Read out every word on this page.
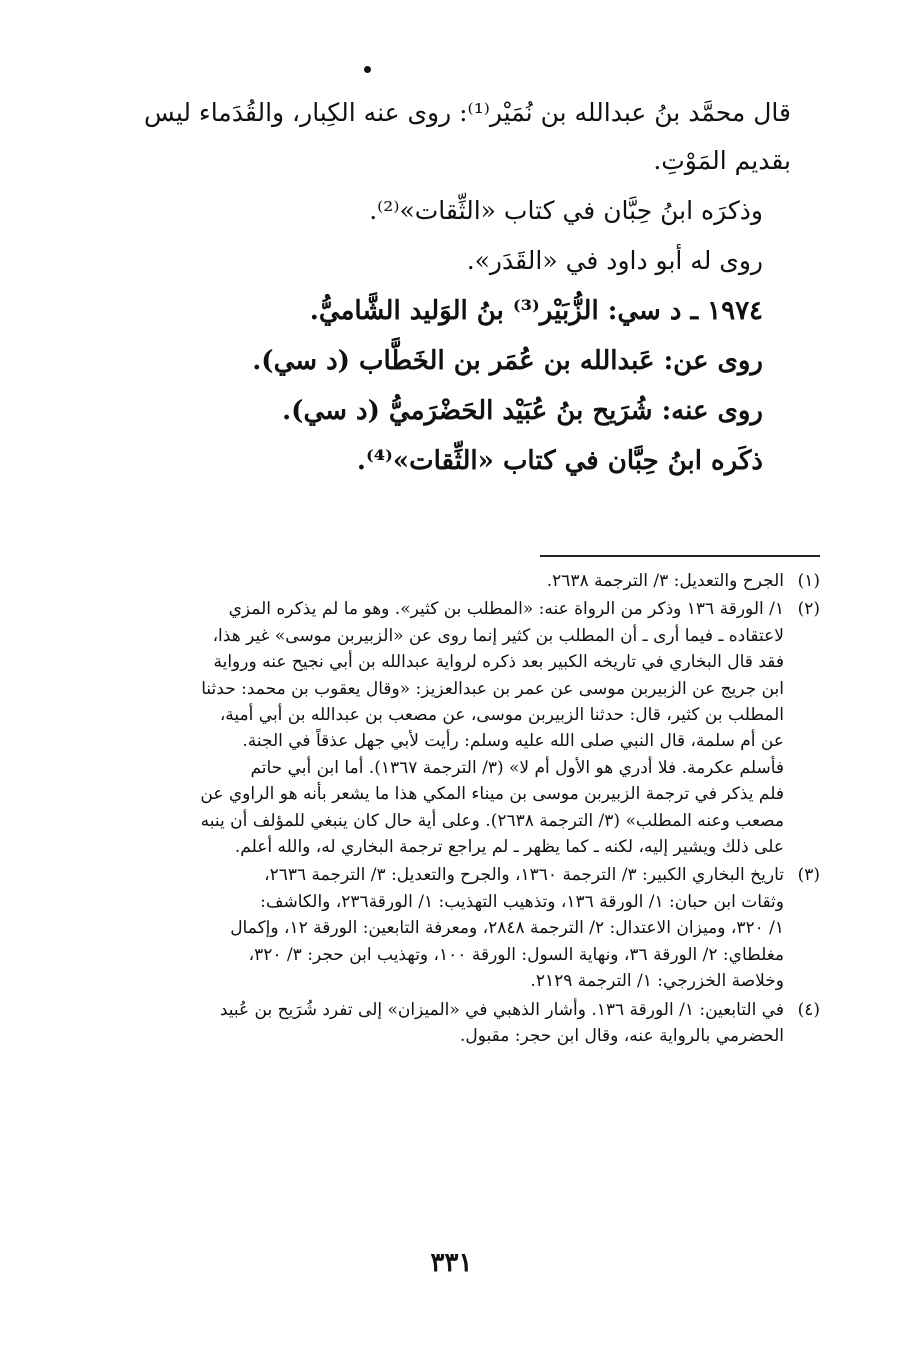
قال محمَّد بنُ عبدالله بن نُمَيْر⁽¹⁾: روى عنه الكِبار، والقُدَماء ليس
بقديم المَوْتِ.
وذكرَه ابنُ حِبَّان في كتاب «الثِّقات»⁽²⁾.
روى له أبو داود في «القَدَر».
١٩٧٤ ـ د سي: الزُّبَيْر⁽³⁾ بنُ الوَليد الشَّاميُّ.
روى عن: عَبدالله بن عُمَر بن الخَطَّاب (د سي).
روى عنه: شُرَيح بنُ عُبَيْد الحَضْرَميُّ (د سي).
ذكَره ابنُ حِبَّان في كتاب «الثِّقات»⁽⁴⁾.
(١)
الجرح والتعديل: ٣/ الترجمة ٢٦٣٨.
(٢)
١/ الورقة ١٣٦ وذكر من الرواة عنه: «المطلب بن كثير». وهو ما لم يذكره المزي
لاعتقاده ـ فيما أرى ـ أن المطلب بن كثير إنما روى عن «الزبيربن موسى» غير هذا،
فقد قال البخاري في تاريخه الكبير بعد ذكره لرواية عبدالله بن أبي نجيح عنه ورواية
ابن جريج عن الزبيربن موسى عن عمر بن عبدالعزيز: «وقال يعقوب بن محمد: حدثنا
المطلب بن كثير، قال: حدثنا الزبيربن موسى، عن مصعب بن عبدالله بن أبي أمية،
عن أم سلمة، قال النبي صلى الله عليه وسلم: رأيت لأبي جهل عذقاً في الجنة.
فأسلم عكرمة. فلا أدري هو الأول أم لا» (٣/ الترجمة ١٣٦٧). أما ابن أبي حاتم
فلم يذكر في ترجمة الزبيربن موسى بن ميناء المكي هذا ما يشعر بأنه هو الراوي عن
مصعب وعنه المطلب» (٣/ الترجمة ٢٦٣٨). وعلى أية حال كان ينبغي للمؤلف أن ينبه
على ذلك ويشير إليه، لكنه ـ كما يظهر ـ لم يراجع ترجمة البخاري له، والله أعلم.
(٣)
تاريخ البخاري الكبير: ٣/ الترجمة ١٣٦٠، والجرح والتعديل: ٣/ الترجمة ٢٦٣٦،
وثقات ابن حبان: ١/ الورقة ١٣٦، وتذهيب التهذيب: ١/ الورقة٢٣٦، والكاشف:
١/ ٣٢٠، وميزان الاعتدال: ٢/ الترجمة ٢٨٤٨، ومعرفة التابعين: الورقة ١٢، وإكمال
مغلطاي: ٢/ الورقة ٣٦، ونهاية السول: الورقة ١٠٠، وتهذيب ابن حجر: ٣/ ٣٢٠،
وخلاصة الخزرجي: ١/ الترجمة ٢١٢٩.
(٤)
في التابعين: ١/ الورقة ١٣٦. وأشار الذهبي في «الميزان» إلى تفرد شُرَيح بن عُبيد
الحضرمي بالرواية عنه، وقال ابن حجر: مقبول.
٣٣١
